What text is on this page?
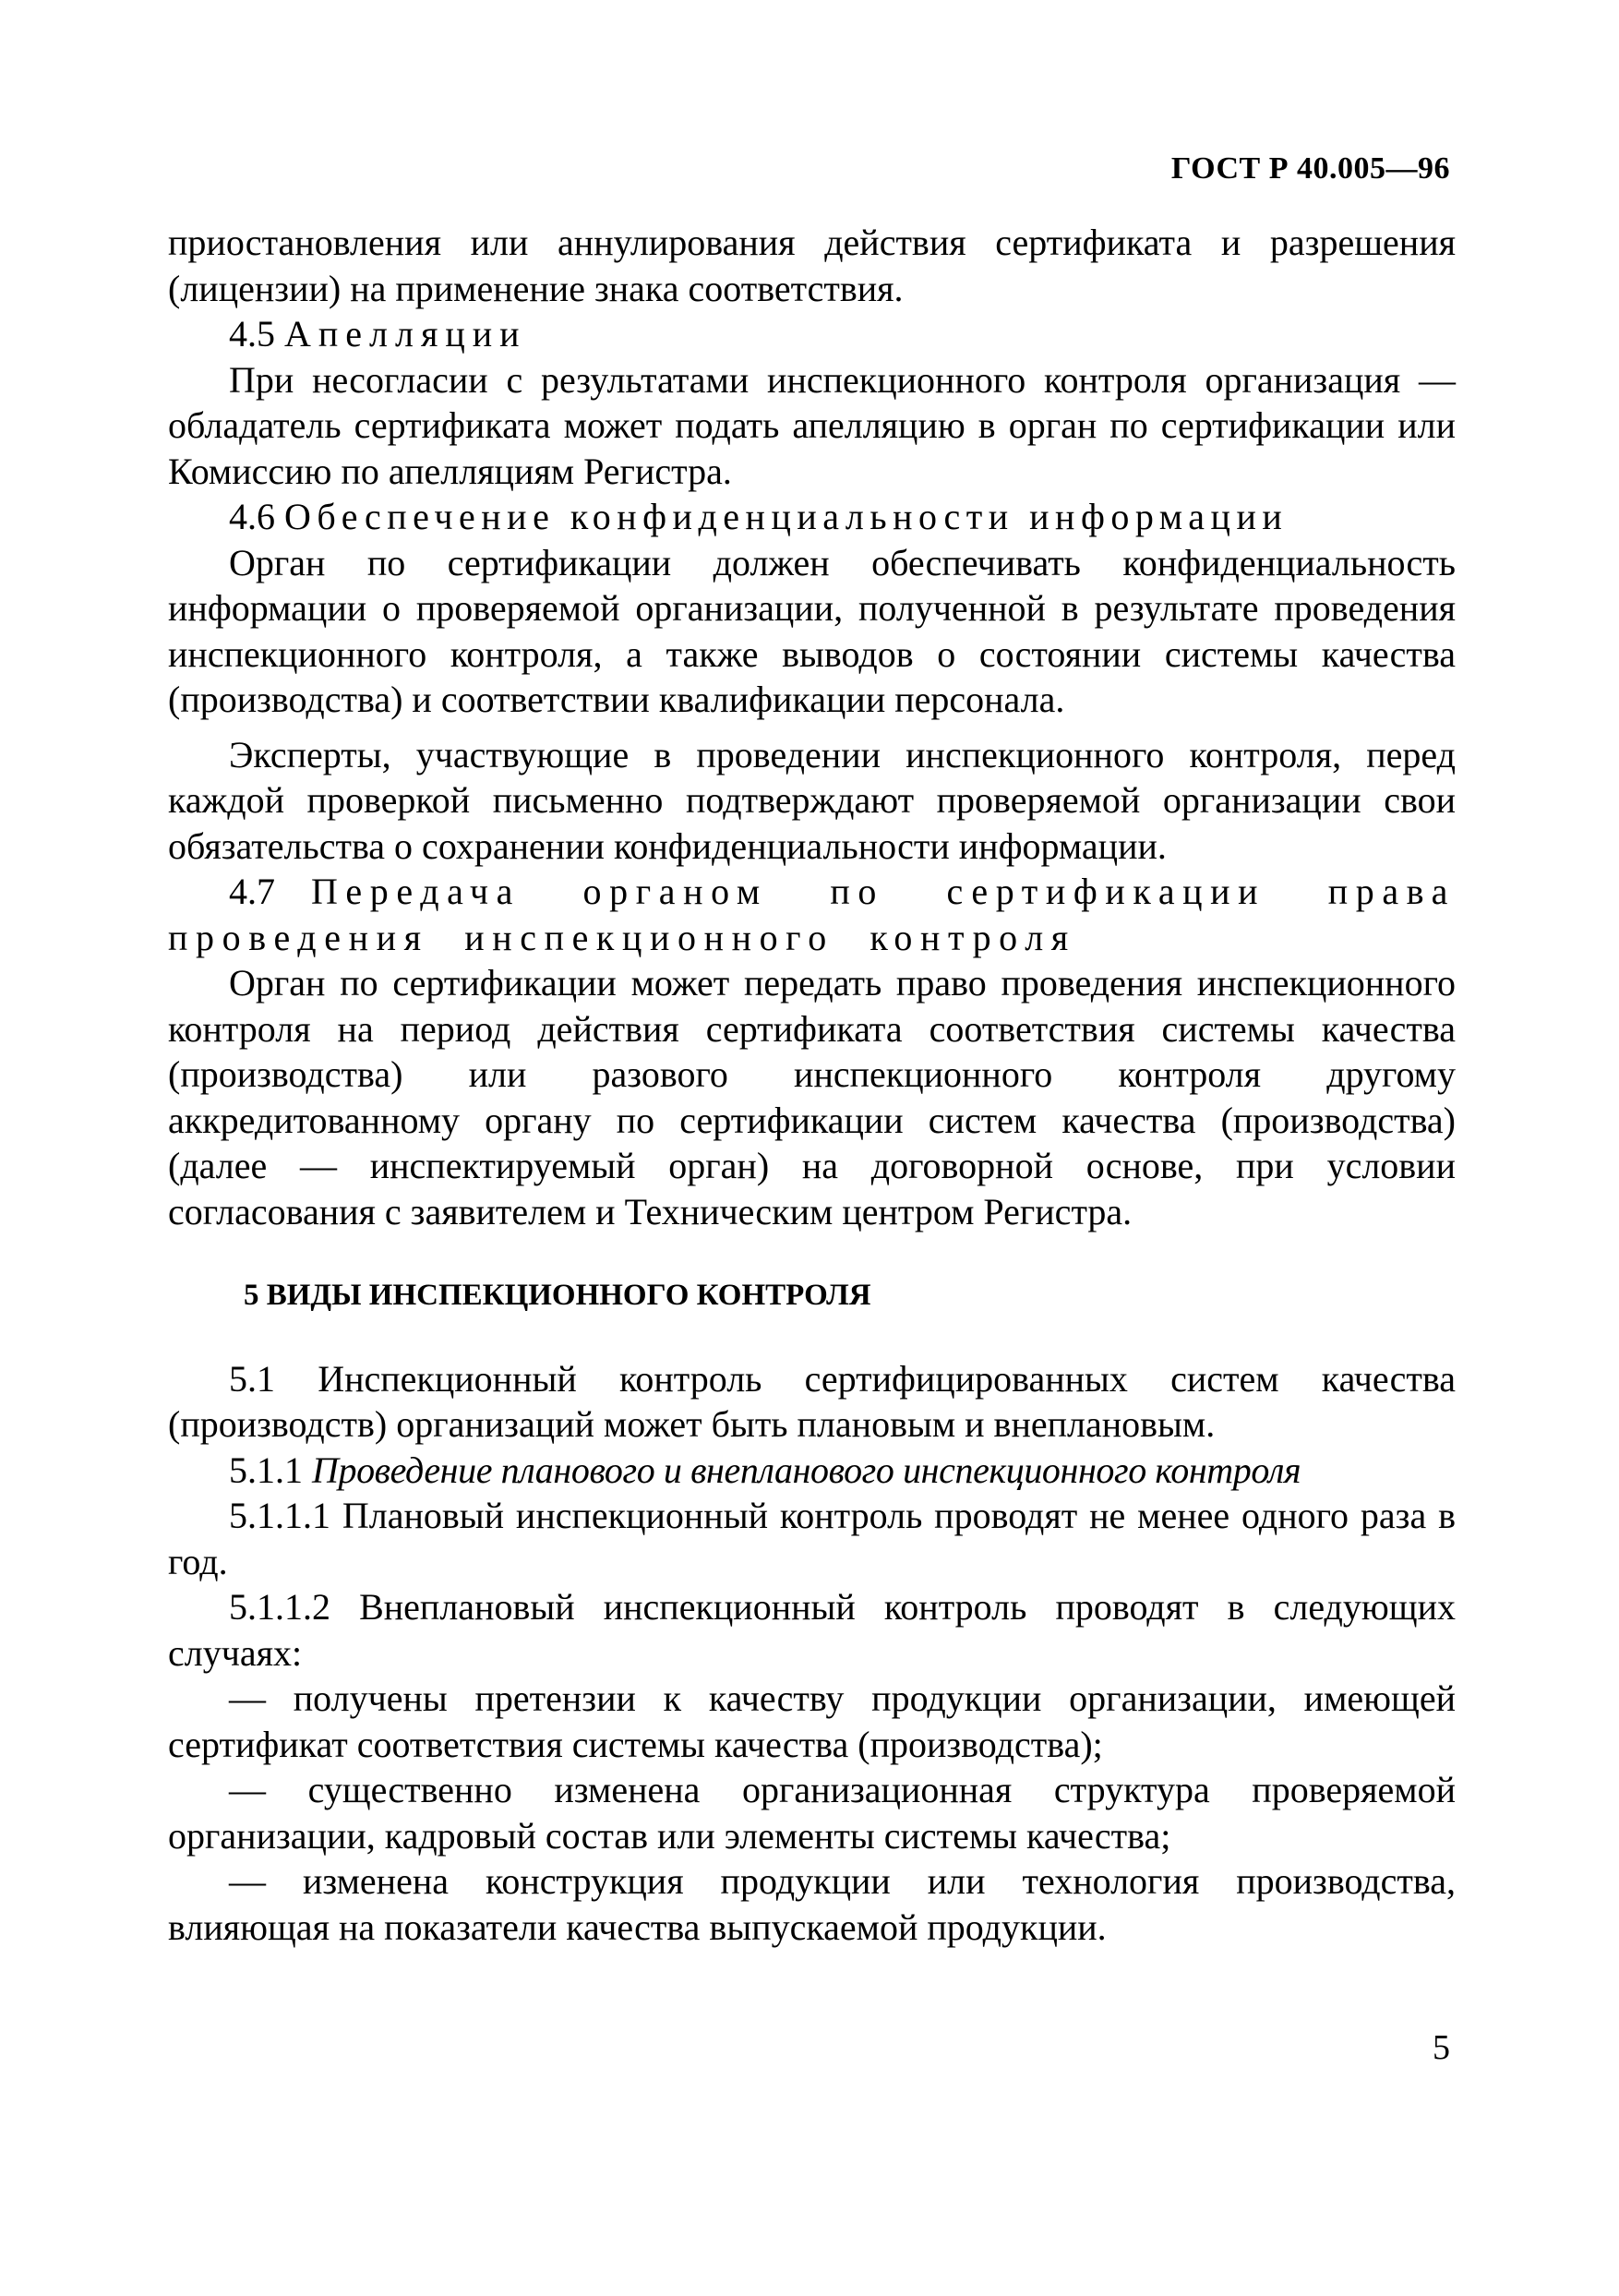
ГОСТ Р 40.005—96

приостановления или аннулирования действия сертификата и разрешения (лицензии) на применение знака соответствия.

4.5 Апелляции

При несогласии с результатами инспекционного контроля организация — обладатель сертификата может подать апелляцию в орган по сертификации или Комиссию по апелляциям Регистра.

4.6 Обеспечение конфиденциальности информации

Орган по сертификации должен обеспечивать конфиденциальность информации о проверяемой организации, полученной в результате проведения инспекционного контроля, а также выводов о состоянии системы качества (производства) и соответствии квалификации персонала.

Эксперты, участвующие в проведении инспекционного контроля, перед каждой проверкой письменно подтверждают проверяемой организации свои обязательства о сохранении конфиденциальности информации.

4.7 Передача органом по сертификации права проведения инспекционного контроля

Орган по сертификации может передать право проведения инспекционного контроля на период действия сертификата соответствия системы качества (производства) или разового инспекционного контроля другому аккредитованному органу по сертификации систем качества (производства) (далее — инспектируемый орган) на договорной основе, при условии согласования с заявителем и Техническим центром Регистра.

5 ВИДЫ ИНСПЕКЦИОННОГО КОНТРОЛЯ

5.1 Инспекционный контроль сертифицированных систем качества (производств) организаций может быть плановым и внеплановым.

5.1.1 Проведение планового и внепланового инспекционного контроля

5.1.1.1 Плановый инспекционный контроль проводят не менее одного раза в год.

5.1.1.2 Внеплановый инспекционный контроль проводят в следующих случаях:

— получены претензии к качеству продукции организации, имеющей сертификат соответствия системы качества (производства);

— существенно изменена организационная структура проверяемой организации, кадровый состав или элементы системы качества;

— изменена конструкция продукции или технология производства, влияющая на показатели качества выпускаемой продукции.

5
